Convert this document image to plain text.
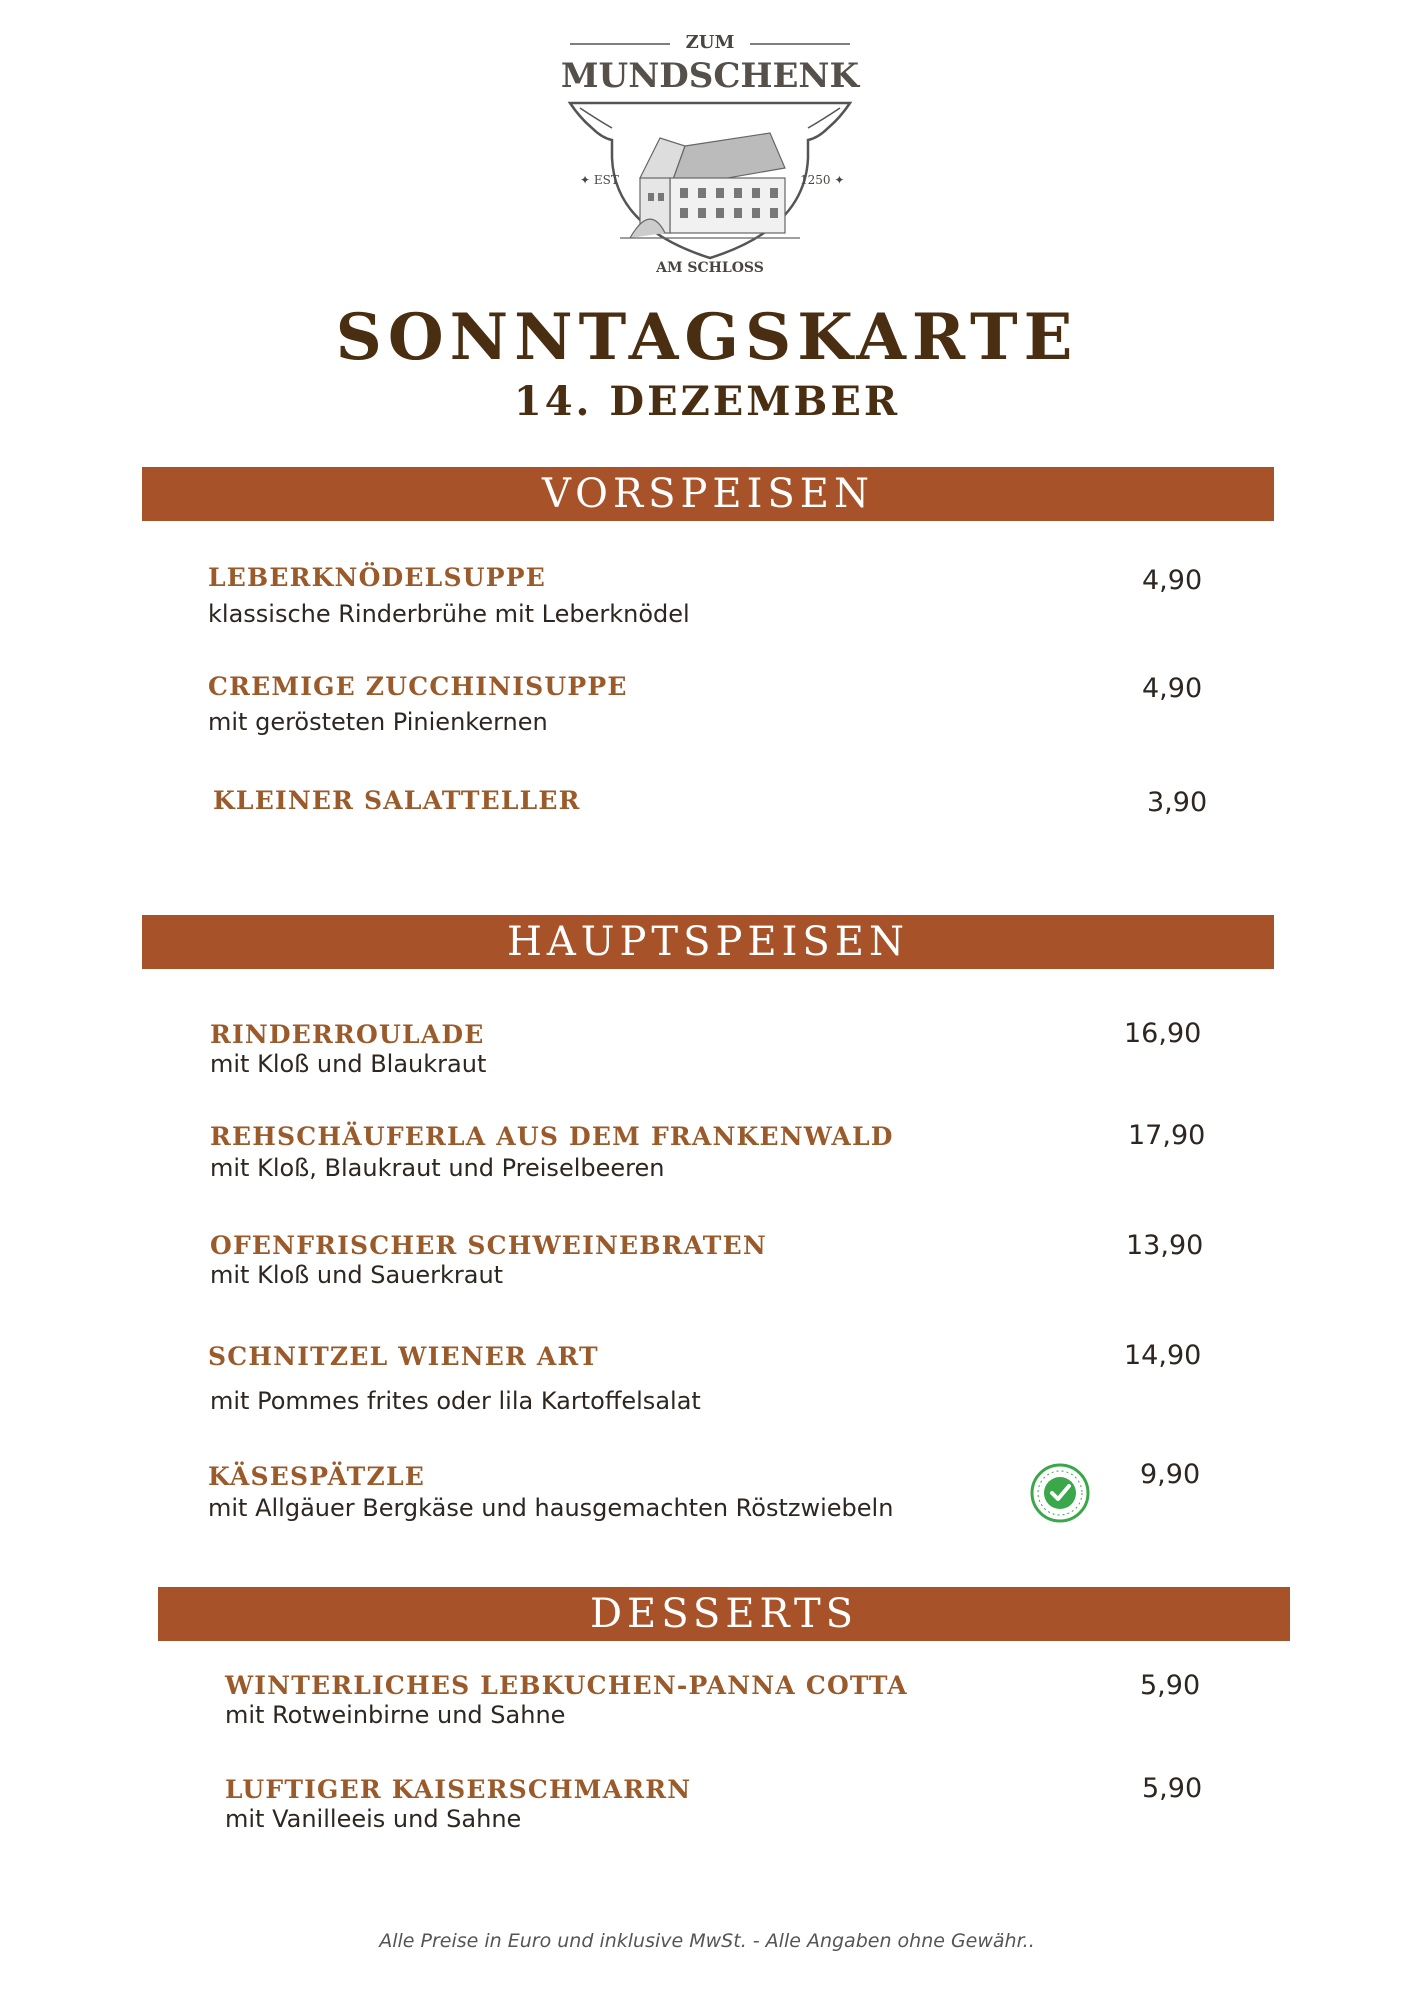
ZUM
MUNDSCHENK
✦ EST	1250 ✦
AM SCHLOSS
SONNTAGSKARTE
14. DEZEMBER
VORSPEISEN
LEBERKNÖDELSUPPE
klassische Rinderbrühe mit Leberknödel
4,90
CREMIGE ZUCCHINISUPPE
mit gerösteten Pinienkernen
4,90
KLEINER SALATTELLER	3,90
HAUPTSPEISEN
RINDERROULADE
mit Kloß und Blaukraut
16,90
REHSCHÄUFERLA AUS DEM FRANKENWALD
mit Kloß, Blaukraut und Preiselbeeren
17,90
OFENFRISCHER SCHWEINEBRATEN
mit Kloß und Sauerkraut
13,90
SCHNITZEL WIENER ART
mit Pommes frites oder lila Kartoffelsalat
14,90
KÄSESPÄTZLE
mit Allgäuer Bergkäse und hausgemachten Röstzwiebeln
9,90
DESSERTS
WINTERLICHES LEBKUCHEN-PANNA COTTA
mit Rotweinbirne und Sahne
5,90
LUFTIGER KAISERSCHMARRN
mit Vanilleeis und Sahne
5,90
Alle Preise in Euro und inklusive MwSt. - Alle Angaben ohne Gewähr..
